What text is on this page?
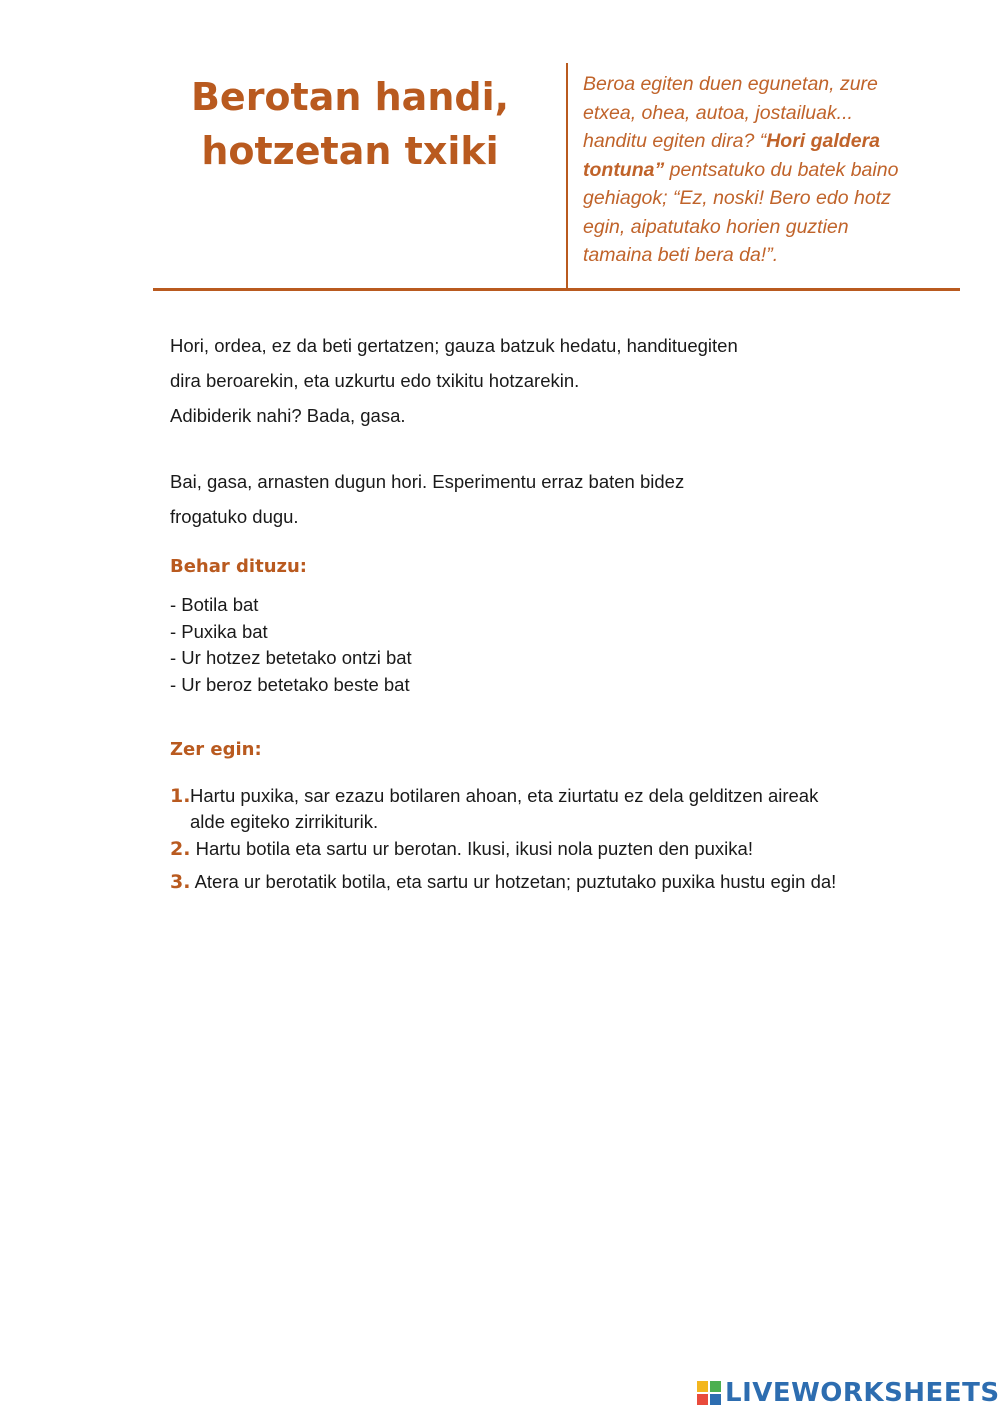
Berotan handi,
hotzetan txiki
Beroa egiten duen egunetan, zure etxea, ohea, autoa, jostailuak... handitu egiten dira? “Hori galdera tontuna” pentsatuko du batek baino gehiagok; “Ez, noski! Bero edo hotz egin, aipatutako horien guztien tamaina beti bera da!”.
Hori, ordea, ez da beti gertatzen; gauza batzuk hedatu, handituegiten
dira beroarekin, eta uzkurtu edo txikitu hotzarekin.
Adibiderik nahi? Bada, gasa.
Bai, gasa, arnasten dugun hori. Esperimentu erraz baten bidez
frogatuko dugu.
Behar dituzu:
- Botila bat
- Puxika bat
- Ur hotzez betetako ontzi bat
- Ur beroz betetako beste bat
Zer egin:
1. Hartu puxika, sar ezazu botilaren ahoan, eta ziurtatu ez dela gelditzen aireak
alde egiteko zirrikiturik.
2. Hartu botila eta sartu ur berotan. Ikusi, ikusi nola puzten den puxika!
3. Atera ur berotatik botila, eta sartu ur hotzetan; puztutako puxika hustu egin da!
LIVEWORKSHEETS
